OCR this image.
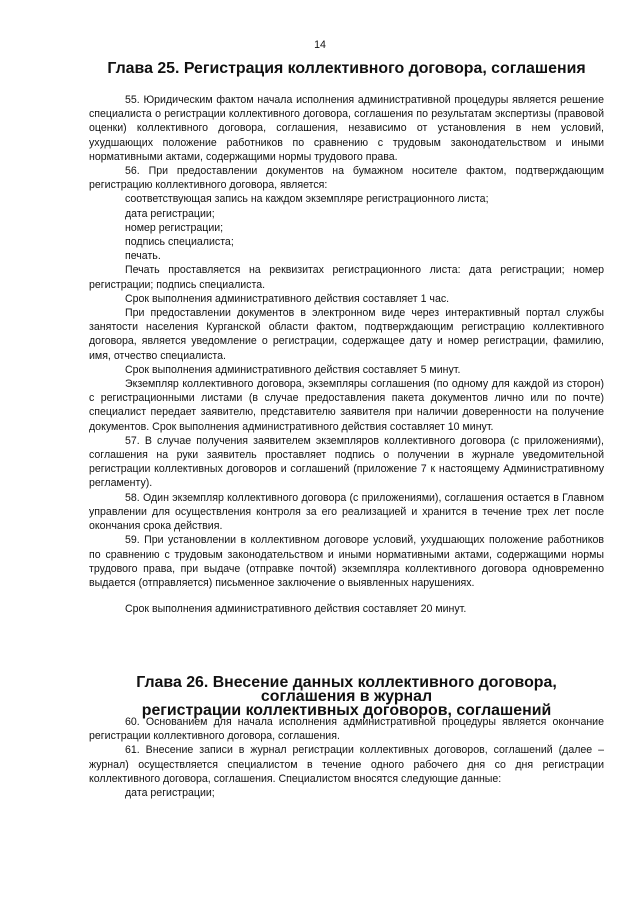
14
Глава 25. Регистрация коллективного договора, соглашения

55. Юридическим фактом начала исполнения административной процедуры является решение специалиста о регистрации коллективного договора, соглашения по результатам экспертизы (правовой оценки) коллективного договора, соглашения, независимо от установления в нем условий, ухудшающих положение работников по сравнению с трудовым законодательством и иными нормативными актами, содержащими нормы трудового права.

56. При предоставлении документов на бумажном носителе фактом, подтверждающим регистрацию коллективного договора, является:

соответствующая запись на каждом экземпляре регистрационного листа;

дата регистрации;

номер регистрации;

подпись специалиста;

печать.

Печать проставляется на реквизитах регистрационного листа: дата регистрации; номер регистрации; подпись специалиста.

Срок выполнения административного действия составляет 1 час.

При предоставлении документов в электронном виде через интерактивный портал службы занятости населения Курганской области фактом, подтверждающим регистрацию коллективного договора, является уведомление о регистрации, содержащее дату и номер регистрации, фамилию, имя, отчество специалиста.

Срок выполнения административного действия составляет 5 минут.

Экземпляр коллективного договора, экземпляры соглашения (по одному для каждой из сторон) с регистрационными листами (в случае предоставления пакета документов лично или по почте) специалист передает заявителю, представителю заявителя при наличии доверенности на получение документов. Срок выполнения административного действия составляет 10 минут.

57. В случае получения заявителем экземпляров коллективного договора (с приложениями), соглашения на руки заявитель проставляет подпись о получении в журнале уведомительной регистрации коллективных договоров и соглашений (приложение 7 к настоящему Административному регламенту).

58. Один экземпляр коллективного договора (с приложениями), соглашения остается в Главном управлении для осуществления контроля за его реализацией и хранится в течение трех лет после окончания срока действия.

59. При установлении в коллективном договоре условий, ухудшающих положение работников по сравнению с трудовым законодательством и иными нормативными актами, содержащими нормы трудового права, при выдаче (отправке почтой) экземпляра коллективного договора одновременно выдается (отправляется) письменное заключение о выявленных нарушениях.

Срок выполнения административного действия составляет 20 минут.

Глава 26. Внесение данных коллективного договора, соглашения в журнал
регистрации коллективных договоров, соглашений

60. Основанием для начала исполнения административной процедуры является окончание регистрации коллективного договора, соглашения.

61. Внесение записи в журнал регистрации коллективных договоров, соглашений (далее – журнал) осуществляется специалистом в течение одного рабочего дня со дня регистрации коллективного договора, соглашения. Специалистом вносятся следующие данные:

дата регистрации;
